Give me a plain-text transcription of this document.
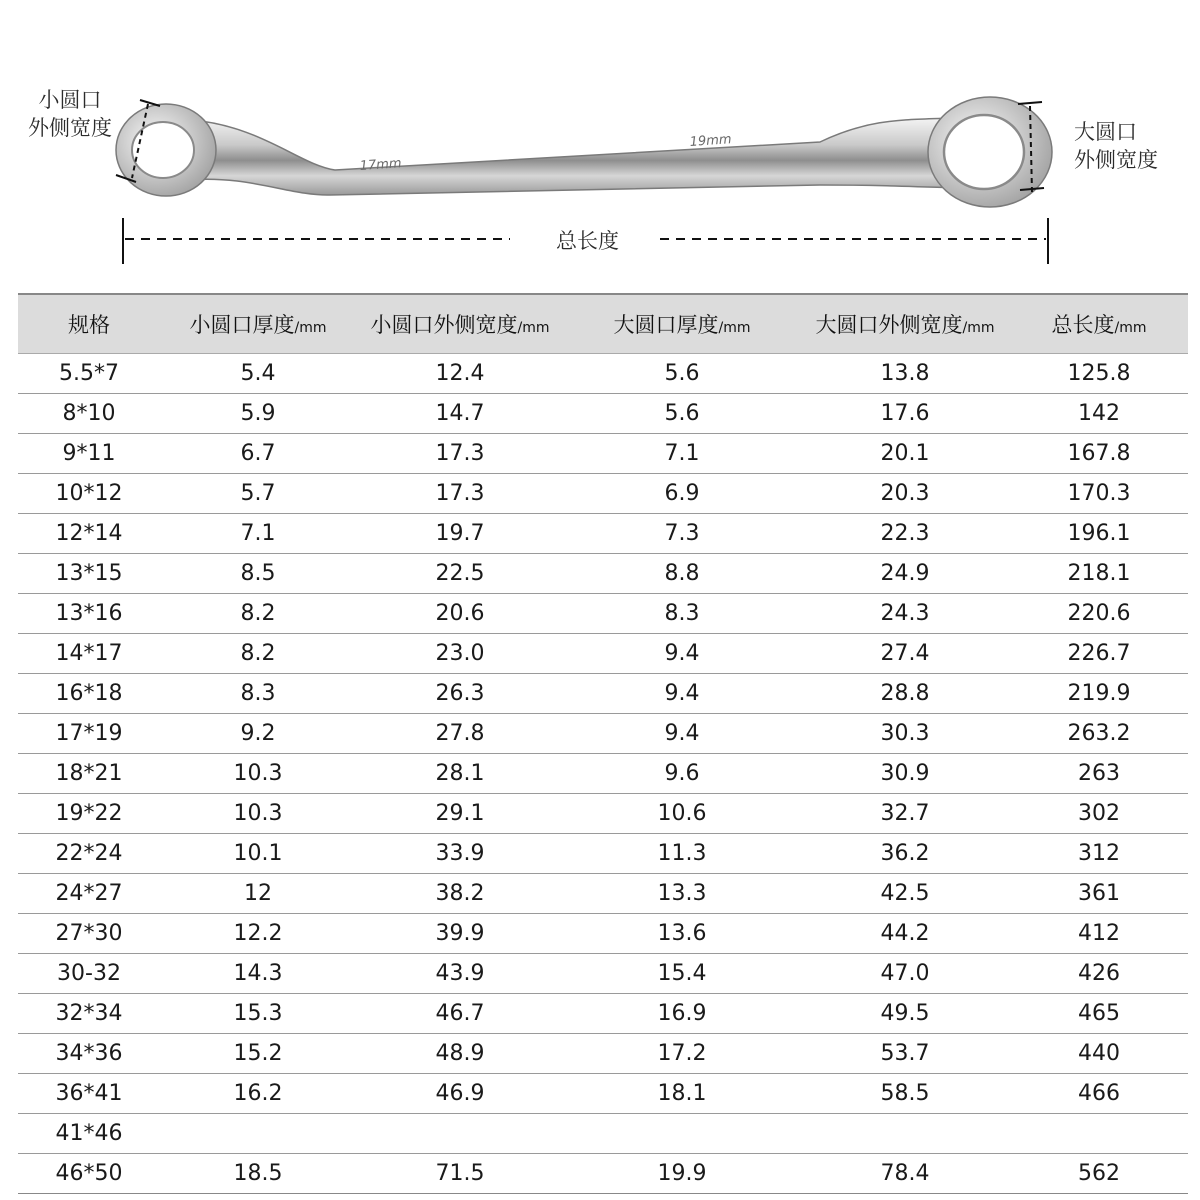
17mm
19mm
小圆口
外侧宽度	大圆口
外侧宽度
总长度
规格	小圆口厚度/mm	小圆口外侧宽度/mm	大圆口厚度/mm	大圆口外侧宽度/mm	总长度/mm
5.5*7	5.4	12.4	5.6	13.8	125.8
8*10	5.9	14.7	5.6	17.6	142
9*11	6.7	17.3	7.1	20.1	167.8
10*12	5.7	17.3	6.9	20.3	170.3
12*14	7.1	19.7	7.3	22.3	196.1
13*15	8.5	22.5	8.8	24.9	218.1
13*16	8.2	20.6	8.3	24.3	220.6
14*17	8.2	23.0	9.4	27.4	226.7
16*18	8.3	26.3	9.4	28.8	219.9
17*19	9.2	27.8	9.4	30.3	263.2
18*21	10.3	28.1	9.6	30.9	263
19*22	10.3	29.1	10.6	32.7	302
22*24	10.1	33.9	11.3	36.2	312
24*27	12	38.2	13.3	42.5	361
27*30	12.2	39.9	13.6	44.2	412
30-32	14.3	43.9	15.4	47.0	426
32*34	15.3	46.7	16.9	49.5	465
34*36	15.2	48.9	17.2	53.7	440
36*41	16.2	46.9	18.1	58.5	466
41*46					
46*50	18.5	71.5	19.9	78.4	562
